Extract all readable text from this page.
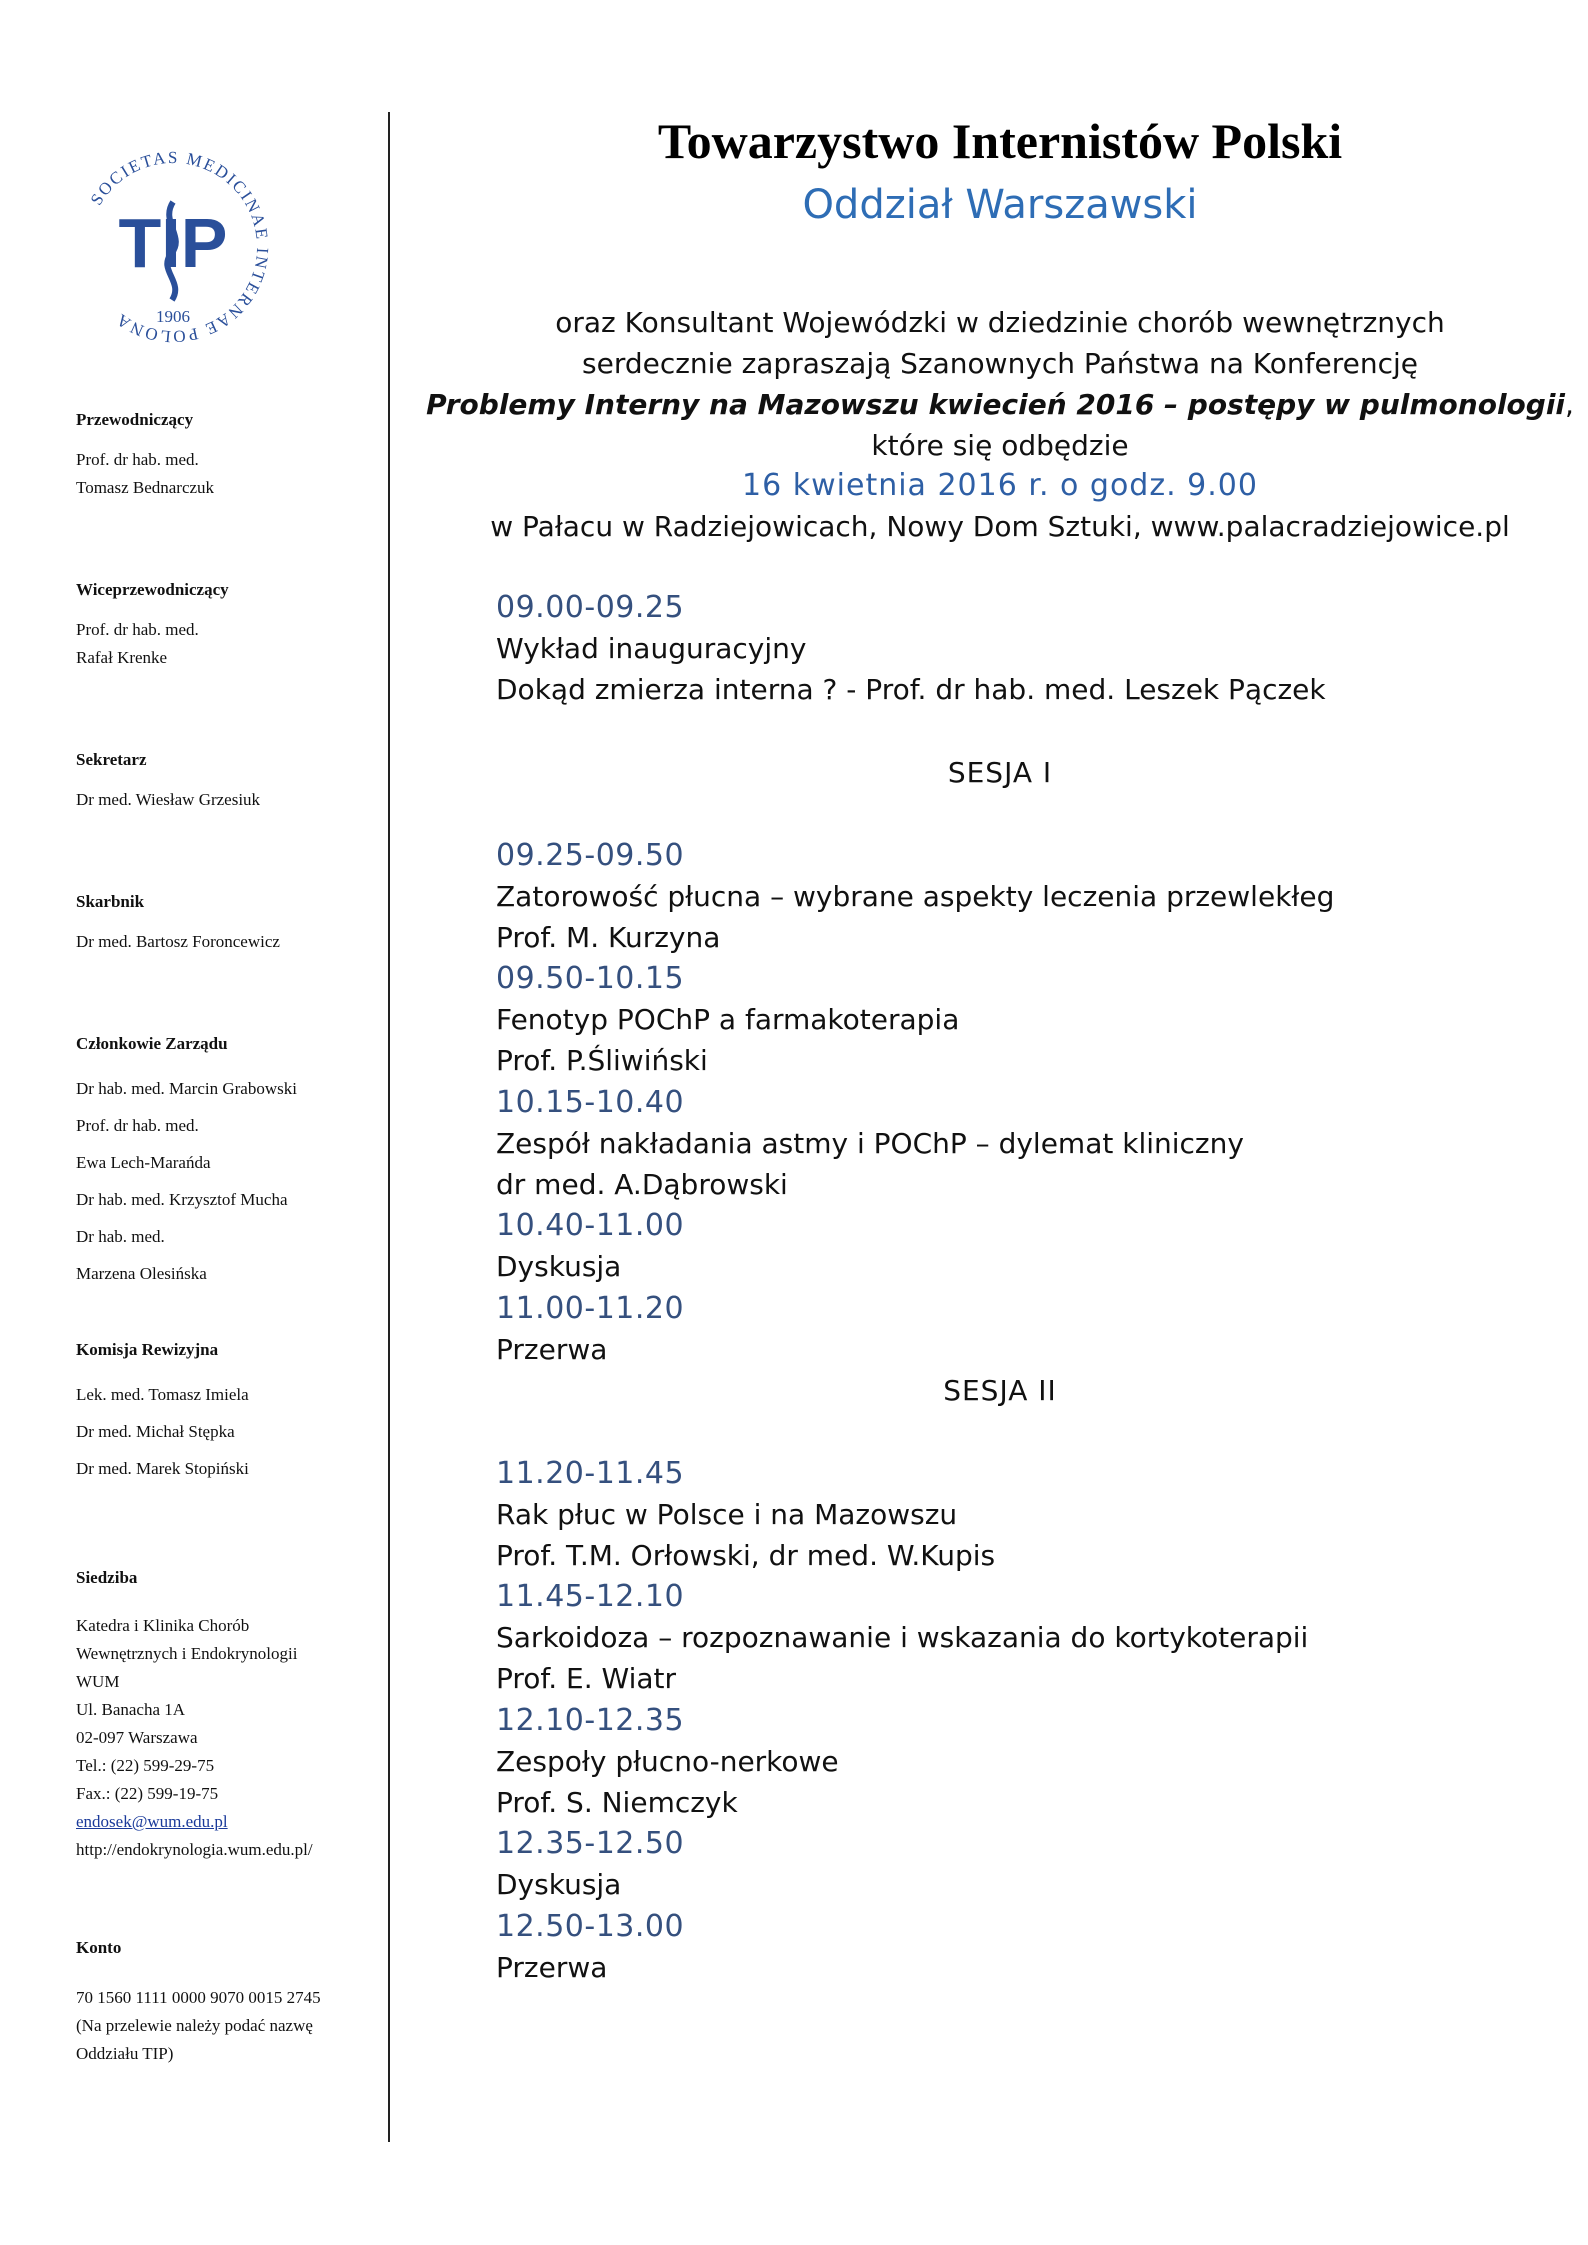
SOCIETAS MEDICINAE INTERNAE POLONA
TIP
1906
Przewodniczący
Prof. dr hab. med.
Tomasz Bednarczuk
Wiceprzewodniczący
Prof. dr hab. med.
Rafał Krenke
Sekretarz
Dr med. Wiesław Grzesiuk
Skarbnik
Dr med. Bartosz Foroncewicz
Członkowie Zarządu
Dr hab. med. Marcin Grabowski
Prof. dr hab. med.
Ewa Lech-Marańda
Dr hab. med. Krzysztof Mucha
Dr hab. med.
Marzena Olesińska
Komisja Rewizyjna
Lek. med. Tomasz Imiela
Dr med. Michał Stępka
Dr med. Marek Stopiński
Siedziba
Katedra i Klinika Chorób
Wewnętrznych i Endokrynologii
WUM
Ul. Banacha 1A
02-097 Warszawa
Tel.: (22) 599-29-75
Fax.: (22) 599-19-75
endosek@wum.edu.pl
http://endokrynologia.wum.edu.pl/
Konto
70 1560 1111 0000 9070 0015 2745
(Na przelewie należy podać nazwę
Oddziału TIP)
Towarzystwo Internistów Polski
Oddział Warszawski
oraz Konsultant Wojewódzki w dziedzinie chorób wewnętrznych
serdecznie zapraszają Szanownych Państwa na Konferencję
Problemy Interny na Mazowszu kwiecień 2016 – postępy w pulmonologii,
które się odbędzie
16 kwietnia 2016 r. o godz. 9.00
w Pałacu w Radziejowicach, Nowy Dom Sztuki, www.palacradziejowice.pl
09.00-09.25
Wykład inauguracyjny
Dokąd zmierza interna ? - Prof. dr hab. med. Leszek Pączek
SESJA I
09.25-09.50
Zatorowość płucna – wybrane aspekty leczenia przewlekłeg
Prof. M. Kurzyna
09.50-10.15
Fenotyp POChP a farmakoterapia
Prof. P.Śliwiński
10.15-10.40
Zespół nakładania astmy i POChP – dylemat kliniczny
dr med. A.Dąbrowski
10.40-11.00
Dyskusja
11.00-11.20
Przerwa
SESJA II
11.20-11.45
Rak płuc w Polsce i na Mazowszu
Prof. T.M. Orłowski, dr med. W.Kupis
11.45-12.10
Sarkoidoza – rozpoznawanie i wskazania do kortykoterapii
Prof. E. Wiatr
12.10-12.35
Zespoły płucno-nerkowe
Prof. S. Niemczyk
12.35-12.50
Dyskusja
12.50-13.00
Przerwa
